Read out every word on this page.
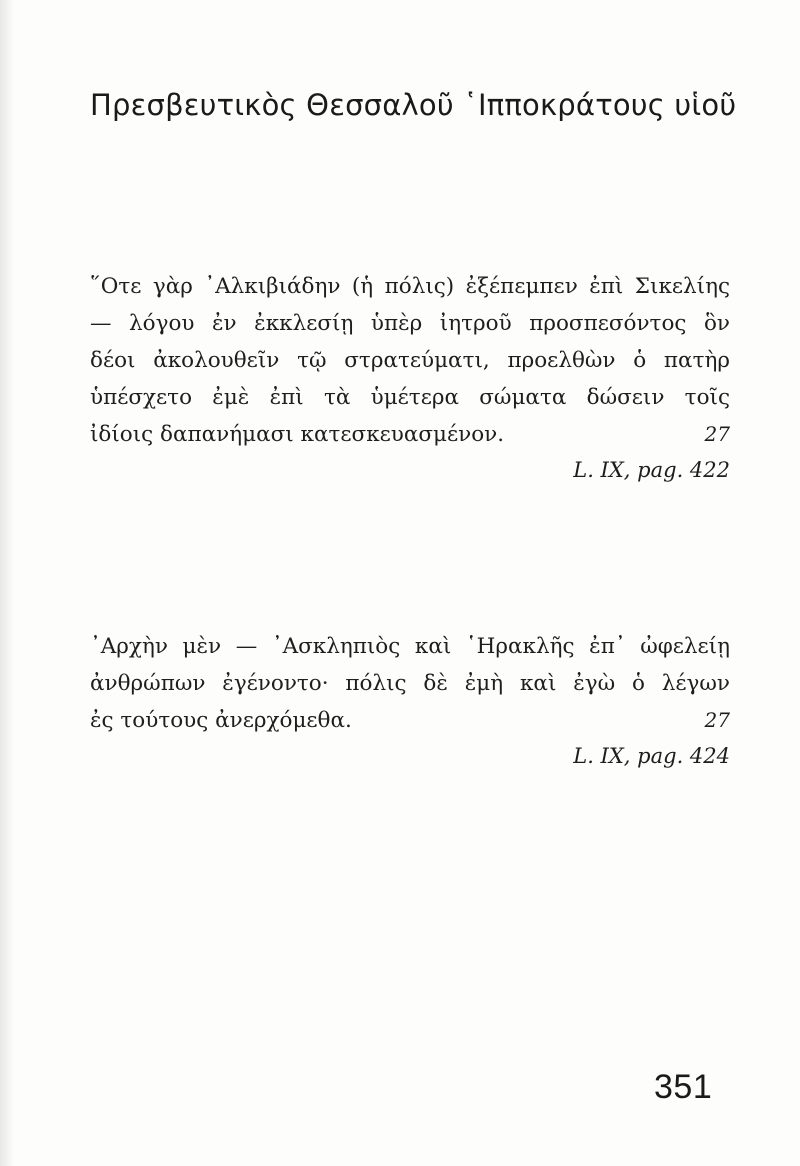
Πρεσβευτικὸς Θεσσαλοῦ ῾Ιπποκράτους υἱοῦ
῞Οτε γὰρ ᾿Αλκιβιάδην (ἡ πόλις) ἐξέπεμπεν ἐπὶ Σικελίης
— λόγου ἐν ἐκκλεσίῃ ὑπὲρ ἰητροῦ προσπεσόντος ὃν
δέοι ἀκολουθεῖν τῷ στρατεύματι, προελθὼν ὁ πατὴρ
ὑπέσχετο ἐμὲ ἐπὶ τὰ ὑμέτερα σώματα δώσειν τοῖς
ἰδίοις δαπανήμασι κατεσκευασμένον.	27
L. IX, pag. 422
᾿Αρχὴν μὲν — ᾿Ασκληπιὸς καὶ ῾Ηρακλῆς ἐπ᾿ ὠφελείῃ
ἀνθρώπων ἐγένοντο· πόλις δὲ ἐμὴ καὶ ἐγὼ ὁ λέγων
ἐς τούτους ἀνερχόμεθα.	27
L. IX, pag. 424
351
